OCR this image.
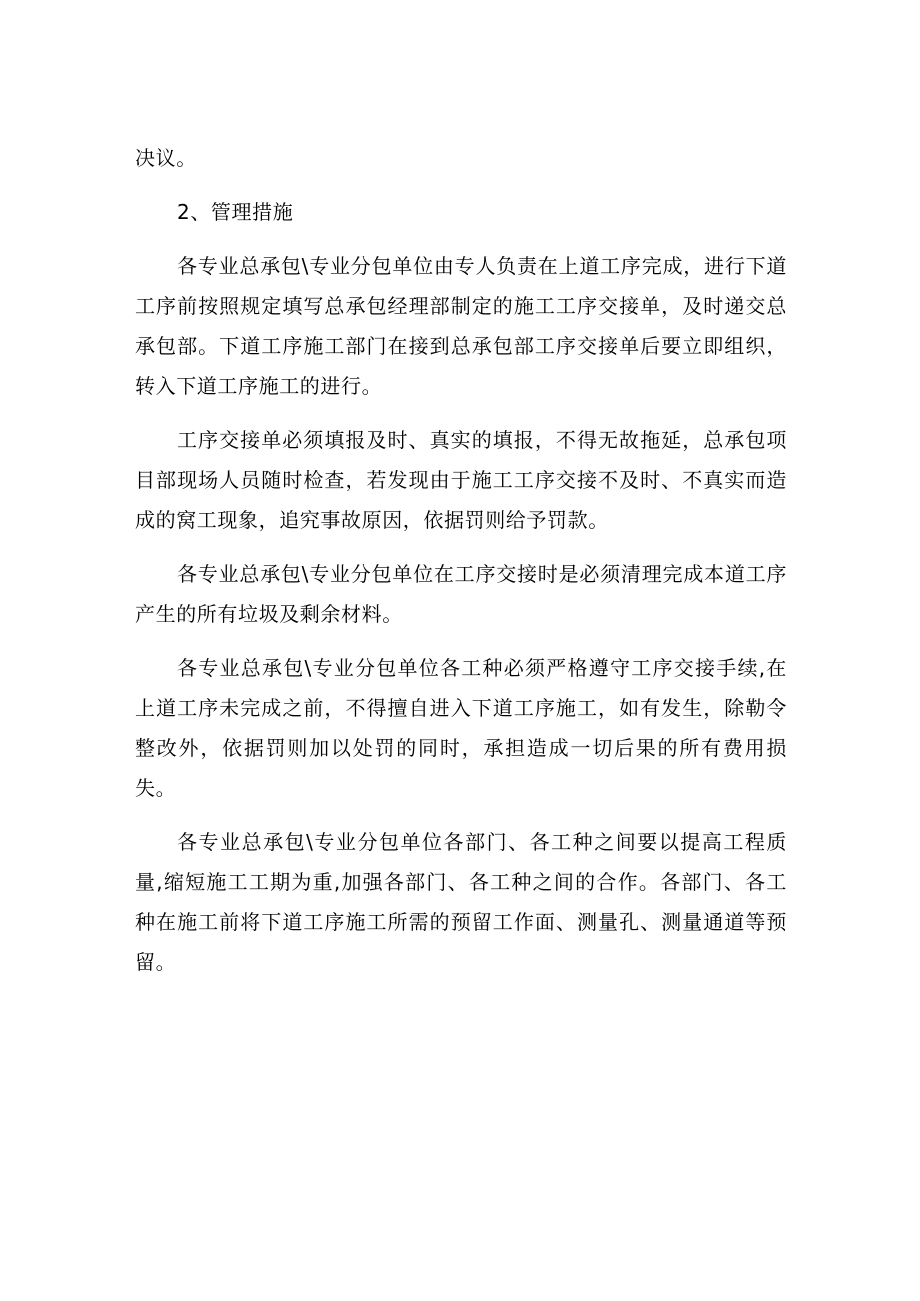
决议。

2、管理措施

各专业总承包\专业分包单位由专人负责在上道工序完成，进行下道工序前按照规定填写总承包经理部制定的施工工序交接单，及时递交总承包部。下道工序施工部门在接到总承包部工序交接单后要立即组织，转入下道工序施工的进行。

工序交接单必须填报及时、真实的填报，不得无故拖延，总承包项目部现场人员随时检查，若发现由于施工工序交接不及时、不真实而造成的窝工现象，追究事故原因，依据罚则给予罚款。

各专业总承包\专业分包单位在工序交接时是必须清理完成本道工序产生的所有垃圾及剩余材料。

各专业总承包\专业分包单位各工种必须严格遵守工序交接手续,在上道工序未完成之前，不得擅自进入下道工序施工，如有发生，除勒令整改外，依据罚则加以处罚的同时，承担造成一切后果的所有费用损失。

各专业总承包\专业分包单位各部门、各工种之间要以提高工程质量,缩短施工工期为重,加强各部门、各工种之间的合作。各部门、各工种在施工前将下道工序施工所需的预留工作面、测量孔、测量通道等预留。
